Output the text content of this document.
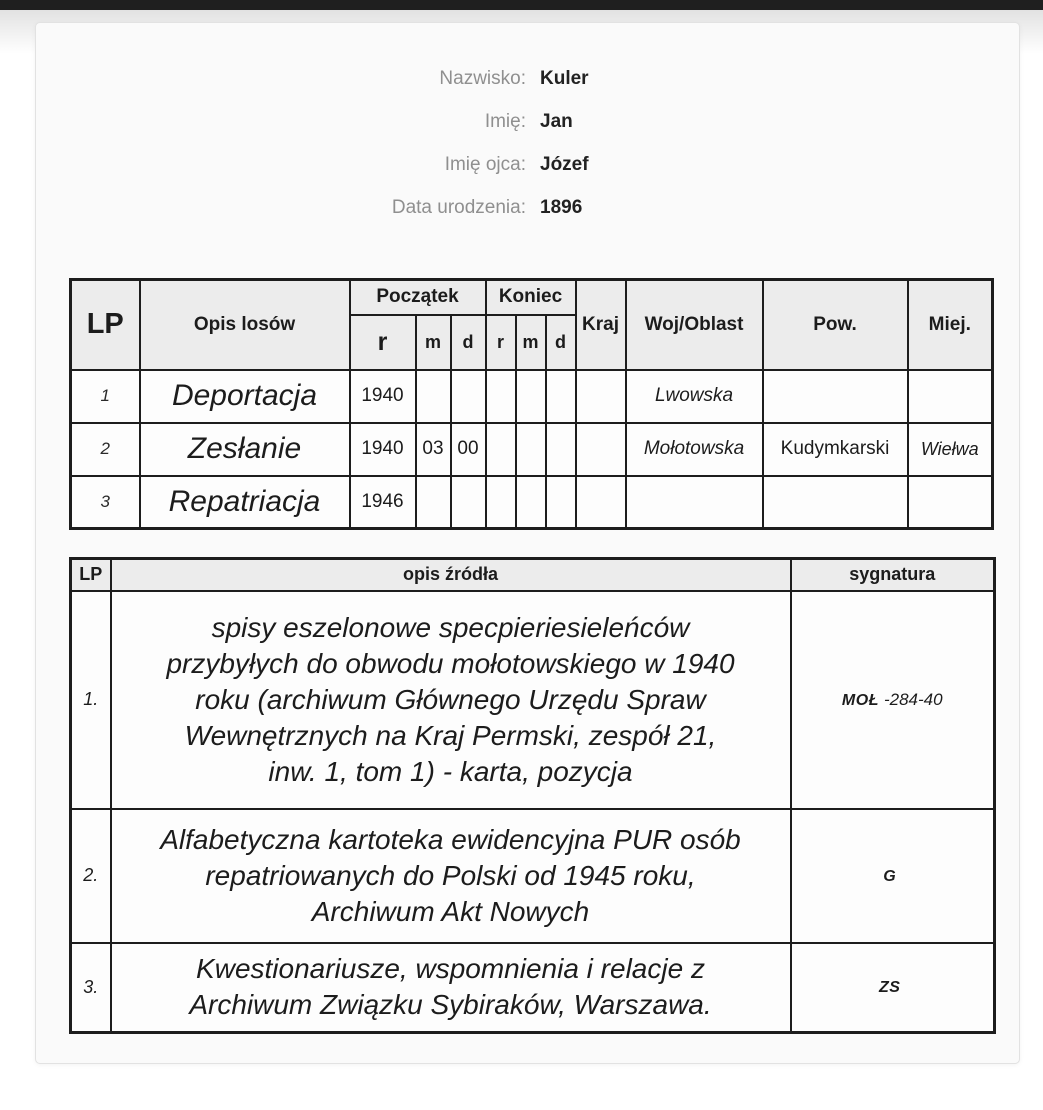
Nazwisko: Kuler
Imię: Jan
Imię ojca: Józef
Data urodzenia: 1896
LP	Opis losów	Początek			Koniec			Kraj	Woj/Oblast	Pow.	Miej.
		r	m	d	r	m	d				
1	Deportacja	1940							Lwowska		
2	Zesłanie	1940	03	00					Mołotowska	Kudymkarski	Wiełwa
3	Repatriacja	1946									
LP	opis źródła	sygnatura
1.	spisy eszelonowe specpieriesieleńców przybyłych do obwodu mołotowskiego w 1940 roku (archiwum Głównego Urzędu Spraw Wewnętrznych na Kraj Permski, zespół 21, inw. 1, tom 1) - karta, pozycja	MOŁ -284-40
2.	Alfabetyczna kartoteka ewidencyjna PUR osób repatriowanych do Polski od 1945 roku, Archiwum Akt Nowych	G
3.	Kwestionariusze, wspomnienia i relacje z Archiwum Związku Sybiraków, Warszawa.	ZS
